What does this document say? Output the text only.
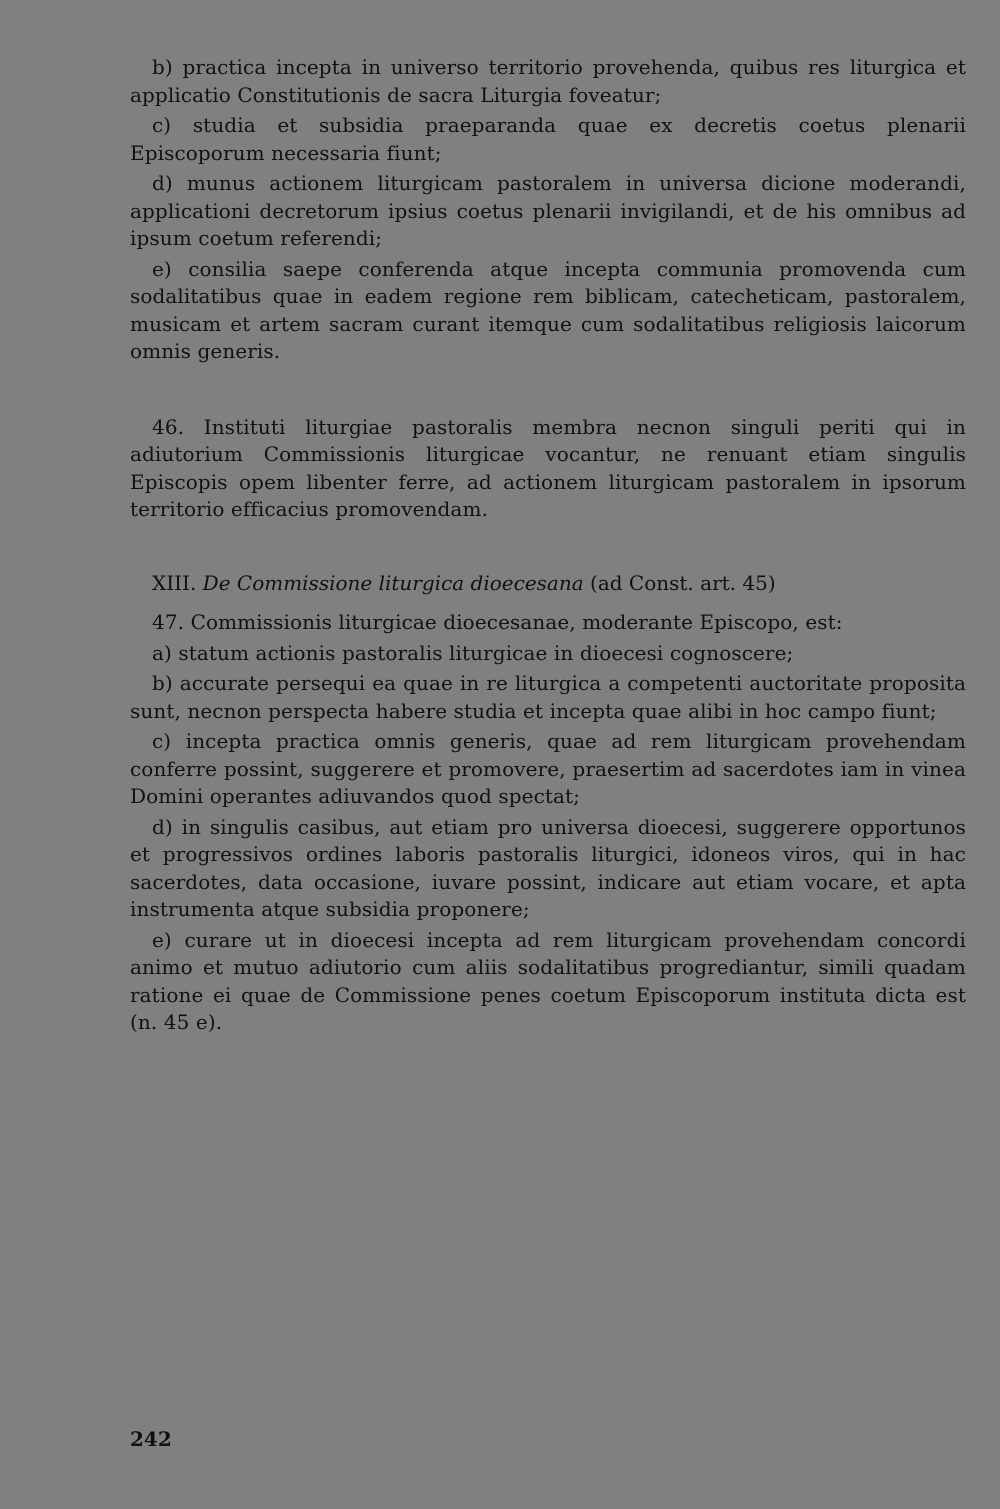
b) practica incepta in universo territorio provehenda, quibus res liturgica et applicatio Constitutionis de sacra Liturgia foveatur;

c) studia et subsidia praeparanda quae ex decretis coetus plenarii Episcoporum necessaria fiunt;

d) munus actionem liturgicam pastoralem in universa dicione moderandi, applicationi decretorum ipsius coetus plenarii invigilandi, et de his omnibus ad ipsum coetum referendi;

e) consilia saepe conferenda atque incepta communia promovenda cum sodalitatibus quae in eadem regione rem biblicam, catecheticam, pastoralem, musicam et artem sacram curant itemque cum sodalitatibus religiosis laicorum omnis generis.

46. Instituti liturgiae pastoralis membra necnon singuli periti qui in adiutorium Commissionis liturgicae vocantur, ne renuant etiam singulis Episcopis opem libenter ferre, ad actionem liturgicam pastoralem in ipsorum territorio efficacius promovendam.

XIII. De Commissione liturgica dioecesana (ad Const. art. 45)

47. Commissionis liturgicae dioecesanae, moderante Episcopo, est:

a) statum actionis pastoralis liturgicae in dioecesi cognoscere;

b) accurate persequi ea quae in re liturgica a competenti auctoritate proposita sunt, necnon perspecta habere studia et incepta quae alibi in hoc campo fiunt;

c) incepta practica omnis generis, quae ad rem liturgicam provehendam conferre possint, suggerere et promovere, praesertim ad sacerdotes iam in vinea Domini operantes adiuvandos quod spectat;

d) in singulis casibus, aut etiam pro universa dioecesi, suggerere opportunos et progressivos ordines laboris pastoralis liturgici, idoneos viros, qui in hac sacerdotes, data occasione, iuvare possint, indicare aut etiam vocare, et apta instrumenta atque subsidia proponere;

e) curare ut in dioecesi incepta ad rem liturgicam provehendam concordi animo et mutuo adiutorio cum aliis sodalitatibus progrediantur, simili quadam ratione ei quae de Commissione penes coetum Episcoporum instituta dicta est (n. 45 e).

242
